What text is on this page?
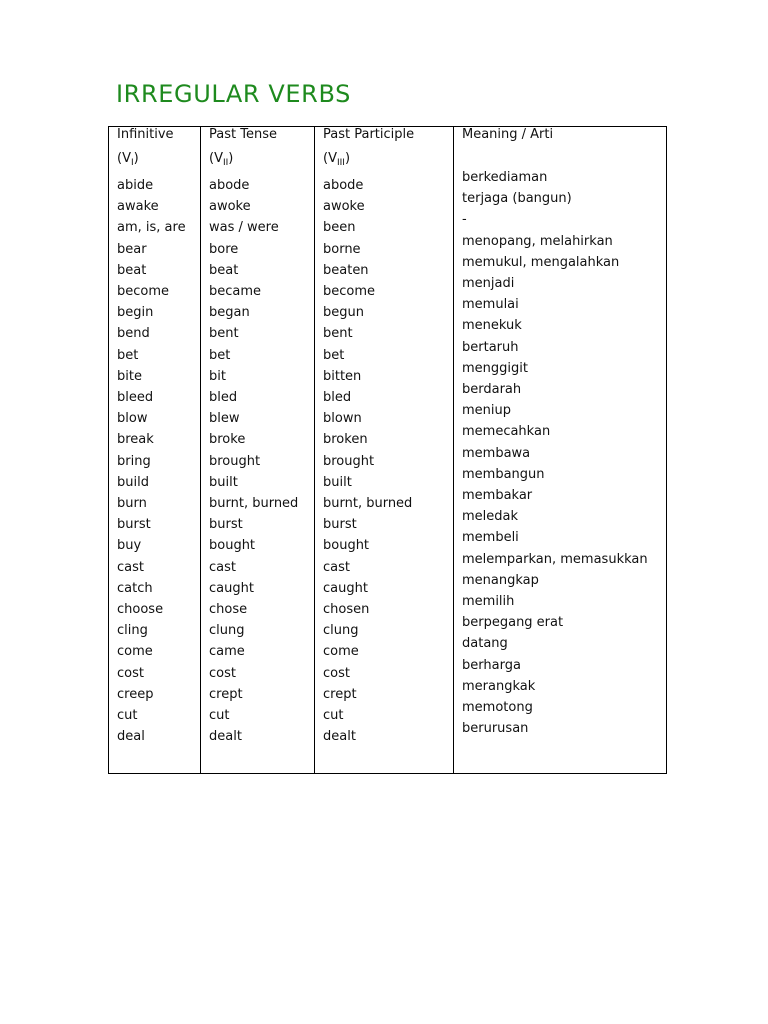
IRREGULAR VERBS
Infinitive
$(V_I)$
abide
awake
am, is, are
bear
beat
become
begin
bend
bet
bite
bleed
blow
break
bring
build
burn
burst
buy
cast
catch
choose
cling
come
cost
creep
cut
deal
Past Tense
$(V_{II})$
abode
awoke
was / were
bore
beat
became
began
bent
bet
bit
bled
blew
broke
brought
built
burnt, burned
burst
bought
cast
caught
chose
clung
came
cost
crept
cut
dealt
Past Participle
$(V_{III})$
abode
awoke
been
borne
beaten
become
begun
bent
bet
bitten
bled
blown
broken
brought
built
burnt, burned
burst
bought
cast
caught
chosen
clung
come
cost
crept
cut
dealt
Meaning / Arti
berkediaman
terjaga (bangun)
-
menopang, melahirkan
memukul, mengalahkan
menjadi
memulai
menekuk
bertaruh
menggigit
berdarah
meniup
memecahkan
membawa
membangun
membakar
meledak
membeli
melemparkan, memasukkan
menangkap
memilih
berpegang erat
datang
berharga
merangkak
memotong
berurusan
